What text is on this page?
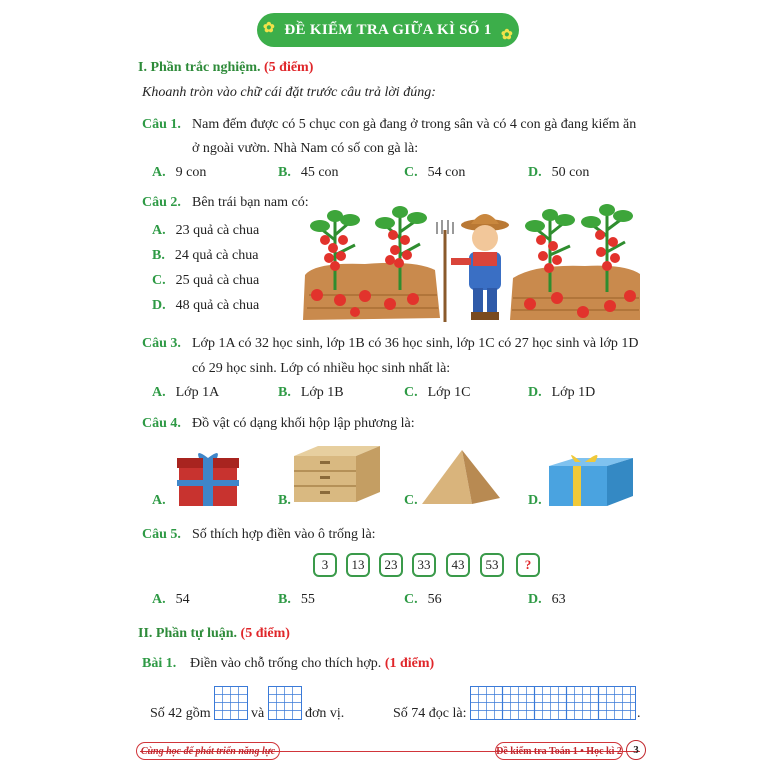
✿ ĐỀ KIỂM TRA GIỮA KÌ SỐ 1 ✿
I. Phần trắc nghiệm. (5 điểm)
Khoanh tròn vào chữ cái đặt trước câu trả lời đúng:
Câu 1. Nam đếm được có 5 chục con gà đang ở trong sân và có 4 con gà đang kiếm ăn
ở ngoài vườn. Nhà Nam có số con gà là:
A. 9 con	B. 45 con	C. 54 con	D. 50 con
Câu 2. Bên trái bạn nam có:
A. 23 quả cà chua
B. 24 quả cà chua
C. 25 quả cà chua
D. 48 quả cà chua
Câu 3. Lớp 1A có 32 học sinh, lớp 1B có 36 học sinh, lớp 1C có 27 học sinh và lớp 1D
có 29 học sinh. Lớp có nhiều học sinh nhất là:
A. Lớp 1A	B. Lớp 1B	C. Lớp 1C	D. Lớp 1D
Câu 4. Đồ vật có dạng khối hộp lập phương là:
A.	B.	C.	D.
Câu 5. Số thích hợp điền vào ô trống là:
3	13	23	33	43	53	?
A. 54	B. 55	C. 56	D. 63
II. Phần tự luận. (5 điểm)
Bài 1. Điền vào chỗ trống cho thích hợp. (1 điểm)
Số 42 gồm	và	đơn vị.	Số 74 đọc là:	.
Cùng học để phát triển năng lực	Đề kiểm tra Toán 1 • Học kì 2	3
